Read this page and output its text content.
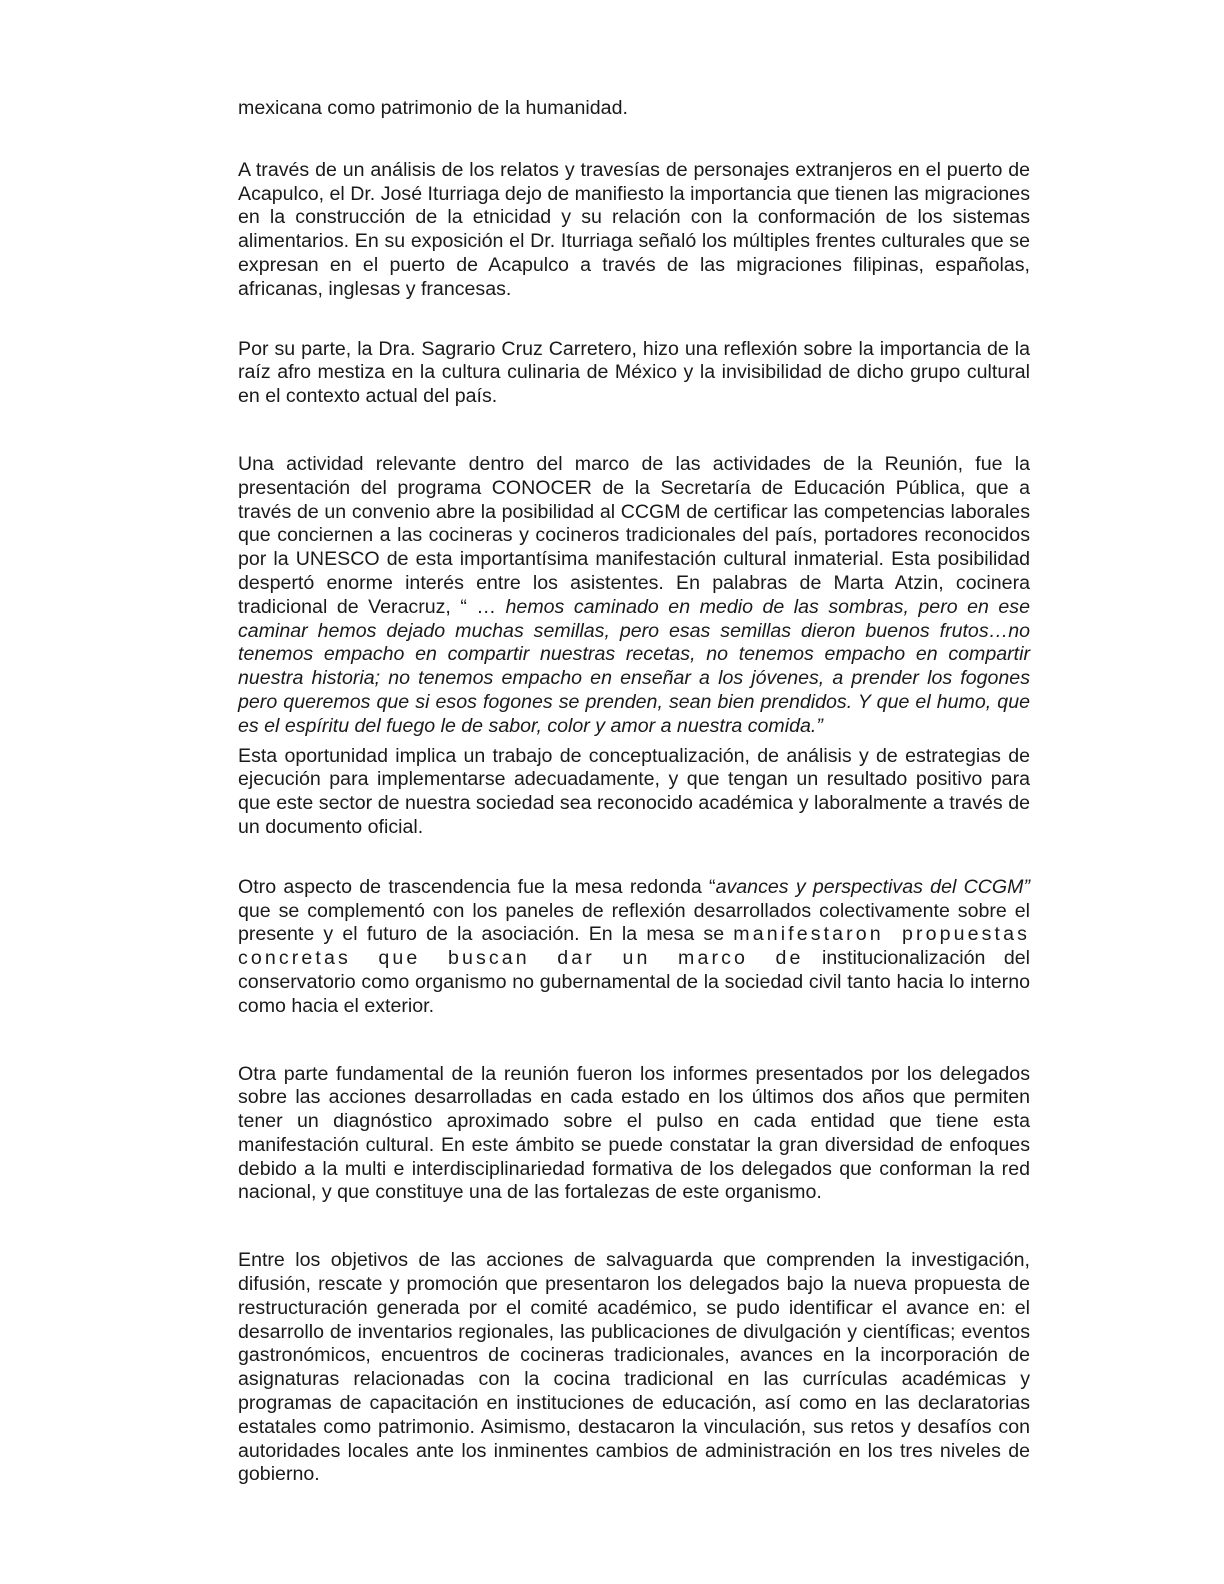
mexicana como patrimonio de la humanidad.

A través de un análisis de los relatos y travesías de personajes extranjeros en el puerto de Acapulco, el Dr. José Iturriaga dejo de manifiesto la importancia que tienen las migraciones en la construcción de la etnicidad y su relación con la conformación de los sistemas alimentarios. En su exposición el Dr. Iturriaga señaló los múltiples frentes culturales que se expresan en el puerto de Acapulco a través de las migraciones filipinas, españolas, africanas, inglesas y francesas.

Por su parte, la Dra. Sagrario Cruz Carretero, hizo una reflexión sobre la importancia de la raíz afro mestiza en la cultura culinaria de México y la invisibilidad de dicho grupo cultural en el contexto actual del país.

Una actividad relevante dentro del marco de las actividades de la Reunión, fue la presentación del programa CONOCER de la Secretaría de Educación Pública, que a través de un convenio abre la posibilidad al CCGM de certificar las competencias laborales que conciernen a las cocineras y cocineros tradicionales del país, portadores reconocidos por la UNESCO de esta importantísima manifestación cultural inmaterial. Esta posibilidad despertó enorme interés entre los asistentes. En palabras de Marta Atzin, cocinera tradicional de Veracruz, “ … hemos caminado en medio de las sombras, pero en ese caminar hemos dejado muchas semillas, pero esas semillas dieron buenos frutos…no tenemos empacho en compartir nuestras recetas, no tenemos empacho en compartir nuestra historia; no tenemos empacho en enseñar a los jóvenes, a prender los fogones pero queremos que si esos fogones se prenden, sean bien prendidos. Y que el humo, que es el espíritu del fuego le de sabor, color y amor a nuestra comida.”

Esta oportunidad implica un trabajo de conceptualización, de análisis y de estrategias de ejecución para implementarse adecuadamente, y que tengan un resultado positivo para que este sector de nuestra sociedad sea reconocido académica y laboralmente a través de un documento oficial.

Otro aspecto de trascendencia fue la mesa redonda “avances y perspectivas del CCGM” que se complementó con los paneles de reflexión desarrollados colectivamente sobre el presente y el futuro de la asociación. En la mesa se manifestaron propuestas concretas que buscan dar un marco de institucionalización del conservatorio como organismo no gubernamental de la sociedad civil tanto hacia lo interno como hacia el exterior.

Otra parte fundamental de la reunión fueron los informes presentados por los delegados sobre las acciones desarrolladas en cada estado en los últimos dos años que permiten tener un diagnóstico aproximado sobre el pulso en cada entidad que tiene esta manifestación cultural. En este ámbito se puede constatar la gran diversidad de enfoques debido a la multi e interdisciplinariedad formativa de los delegados que conforman la red nacional, y que constituye una de las fortalezas de este organismo.

Entre los objetivos de las acciones de salvaguarda que comprenden la investigación, difusión, rescate y promoción que presentaron los delegados bajo la nueva propuesta de restructuración generada por el comité académico, se pudo identificar el avance en: el desarrollo de inventarios regionales, las publicaciones de divulgación y científicas; eventos gastronómicos, encuentros de cocineras tradicionales, avances en la incorporación de asignaturas relacionadas con la cocina tradicional en las currículas académicas y programas de capacitación en instituciones de educación, así como en las declaratorias estatales como patrimonio. Asimismo, destacaron la vinculación, sus retos y desafíos con autoridades locales ante los inminentes cambios de administración en los tres niveles de gobierno.
